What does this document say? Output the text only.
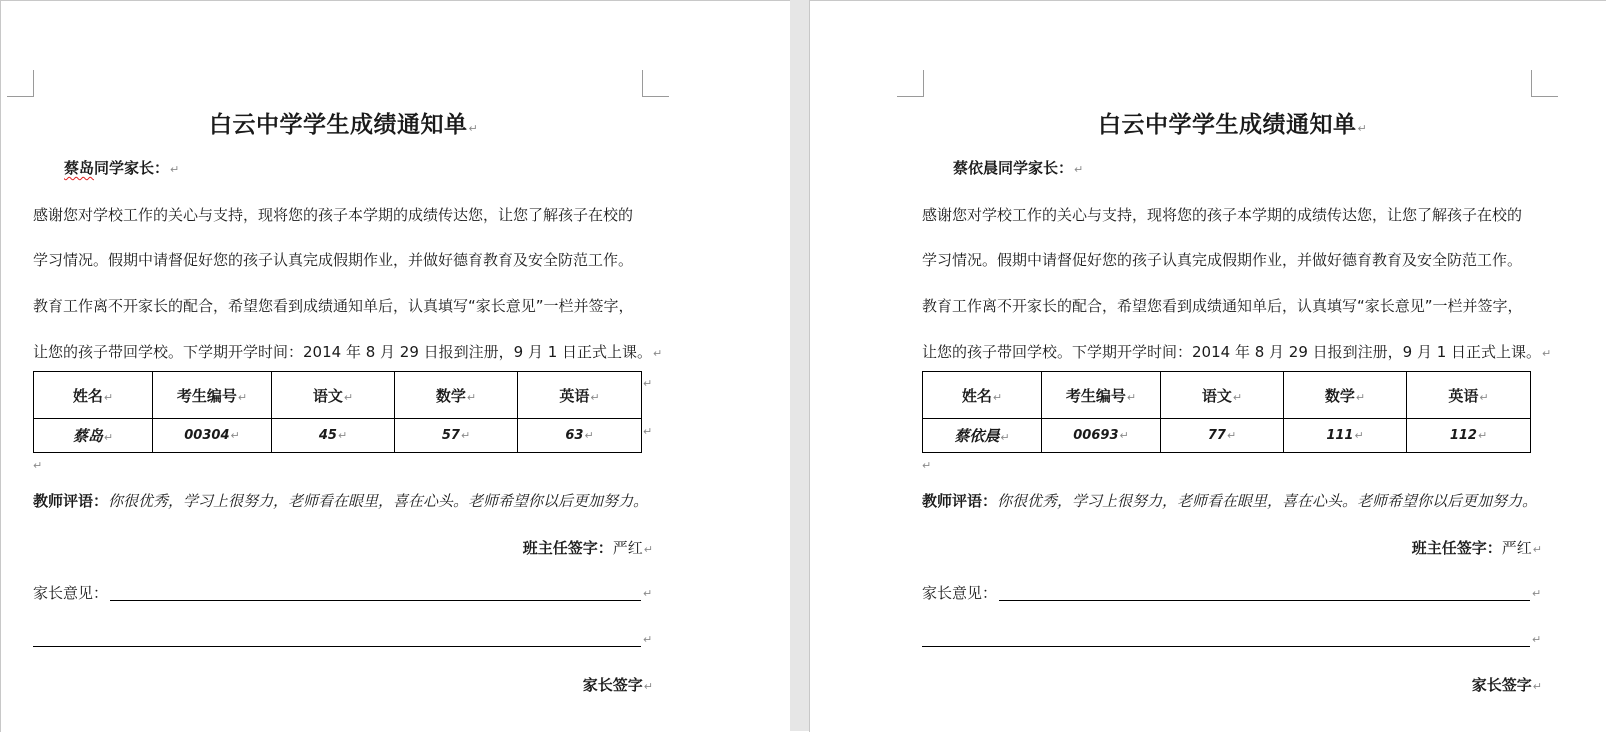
白云中学学生成绩通知单↵
蔡岛同学家长：↵
感谢您对学校工作的关心与支持，现将您的孩子本学期的成绩传达您，让您了解孩子在校的
学习情况。假期中请督促好您的孩子认真完成假期作业，并做好德育教育及安全防范工作。
教育工作离不开家长的配合，希望您看到成绩通知单后，认真填写“家长意见”一栏并签字，
让您的孩子带回学校。下学期开学时间：2014 年 8 月 29 日报到注册，9 月 1 日正式上课。↵
姓名↵	考生编号↵	语文↵	数学↵	英语↵
蔡岛↵	00304↵	45↵	57↵	63↵
↵
↵
↵
教师评语：你很优秀，学习上很努力，老师看在眼里，喜在心头。老师希望你以后更加努力。
班主任签字：严红↵
家长意见：	↵
↵
家长签字↵
白云中学学生成绩通知单↵
蔡依晨同学家长：↵
感谢您对学校工作的关心与支持，现将您的孩子本学期的成绩传达您，让您了解孩子在校的
学习情况。假期中请督促好您的孩子认真完成假期作业，并做好德育教育及安全防范工作。
教育工作离不开家长的配合，希望您看到成绩通知单后，认真填写“家长意见”一栏并签字，
让您的孩子带回学校。下学期开学时间：2014 年 8 月 29 日报到注册，9 月 1 日正式上课。↵
姓名↵	考生编号↵	语文↵	数学↵	英语↵
蔡依晨↵	00693↵	77↵	111↵	112↵
↵
教师评语：你很优秀，学习上很努力，老师看在眼里，喜在心头。老师希望你以后更加努力。
班主任签字：严红↵
家长意见：	↵
↵
家长签字↵
